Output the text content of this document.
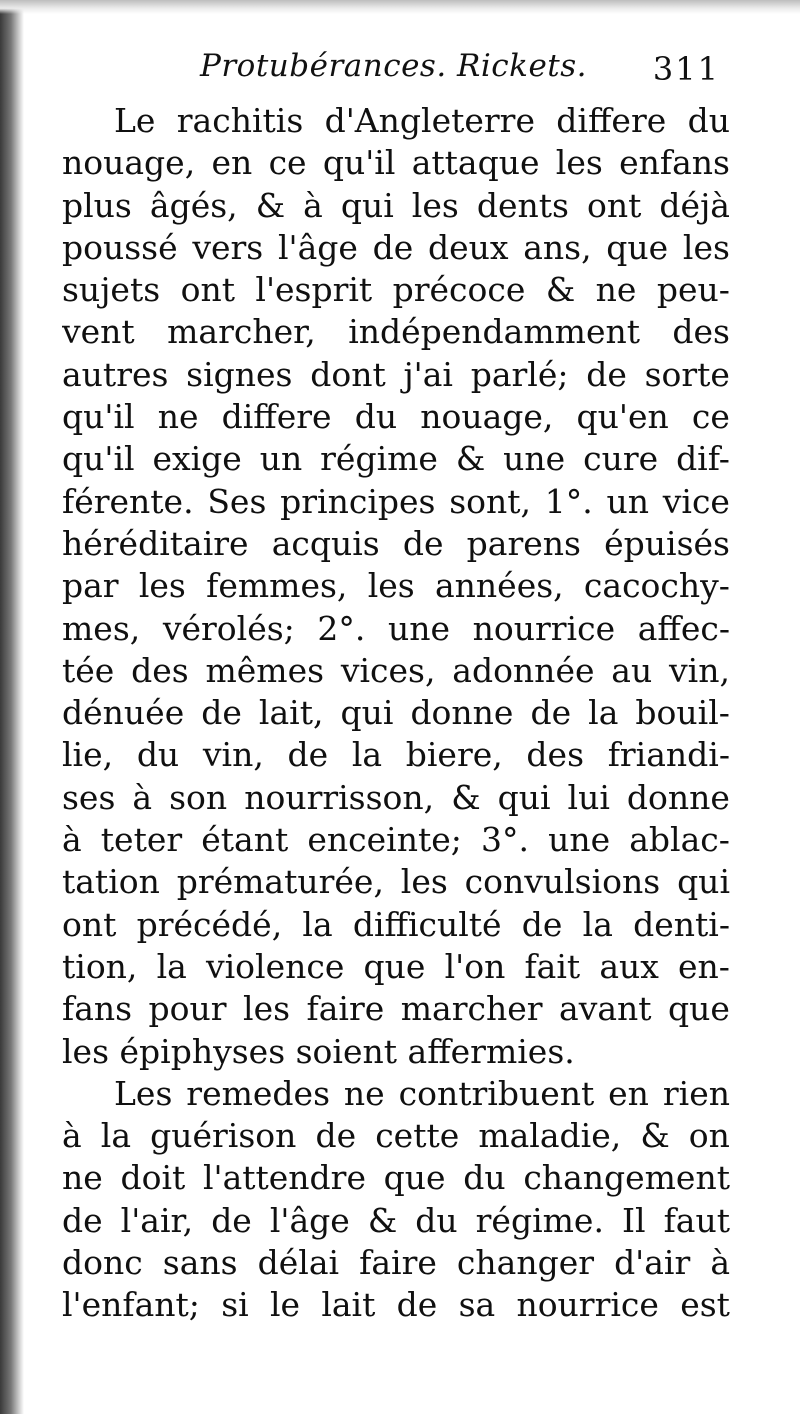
Protubérances. Rickets. 311
Le rachitis d'Angleterre differe du
nouage, en ce qu'il attaque les enfans
plus âgés, & à qui les dents ont déjà
poussé vers l'âge de deux ans, que les
sujets ont l'esprit précoce & ne peu-
vent marcher, indépendamment des
autres signes dont j'ai parlé; de sorte
qu'il ne differe du nouage, qu'en ce
qu'il exige un régime & une cure dif-
férente. Ses principes sont, 1°. un vice
héréditaire acquis de parens épuisés
par les femmes, les années, cacochy-
mes, vérolés; 2°. une nourrice affec-
tée des mêmes vices, adonnée au vin,
dénuée de lait, qui donne de la bouil-
lie, du vin, de la biere, des friandi-
ses à son nourrisson, & qui lui donne
à teter étant enceinte; 3°. une ablac-
tation prématurée, les convulsions qui
ont précédé, la difficulté de la denti-
tion, la violence que l'on fait aux en-
fans pour les faire marcher avant que
les épiphyses soient affermies.
Les remedes ne contribuent en rien
à la guérison de cette maladie, & on
ne doit l'attendre que du changement
de l'air, de l'âge & du régime. Il faut
donc sans délai faire changer d'air à
l'enfant; si le lait de sa nourrice est
